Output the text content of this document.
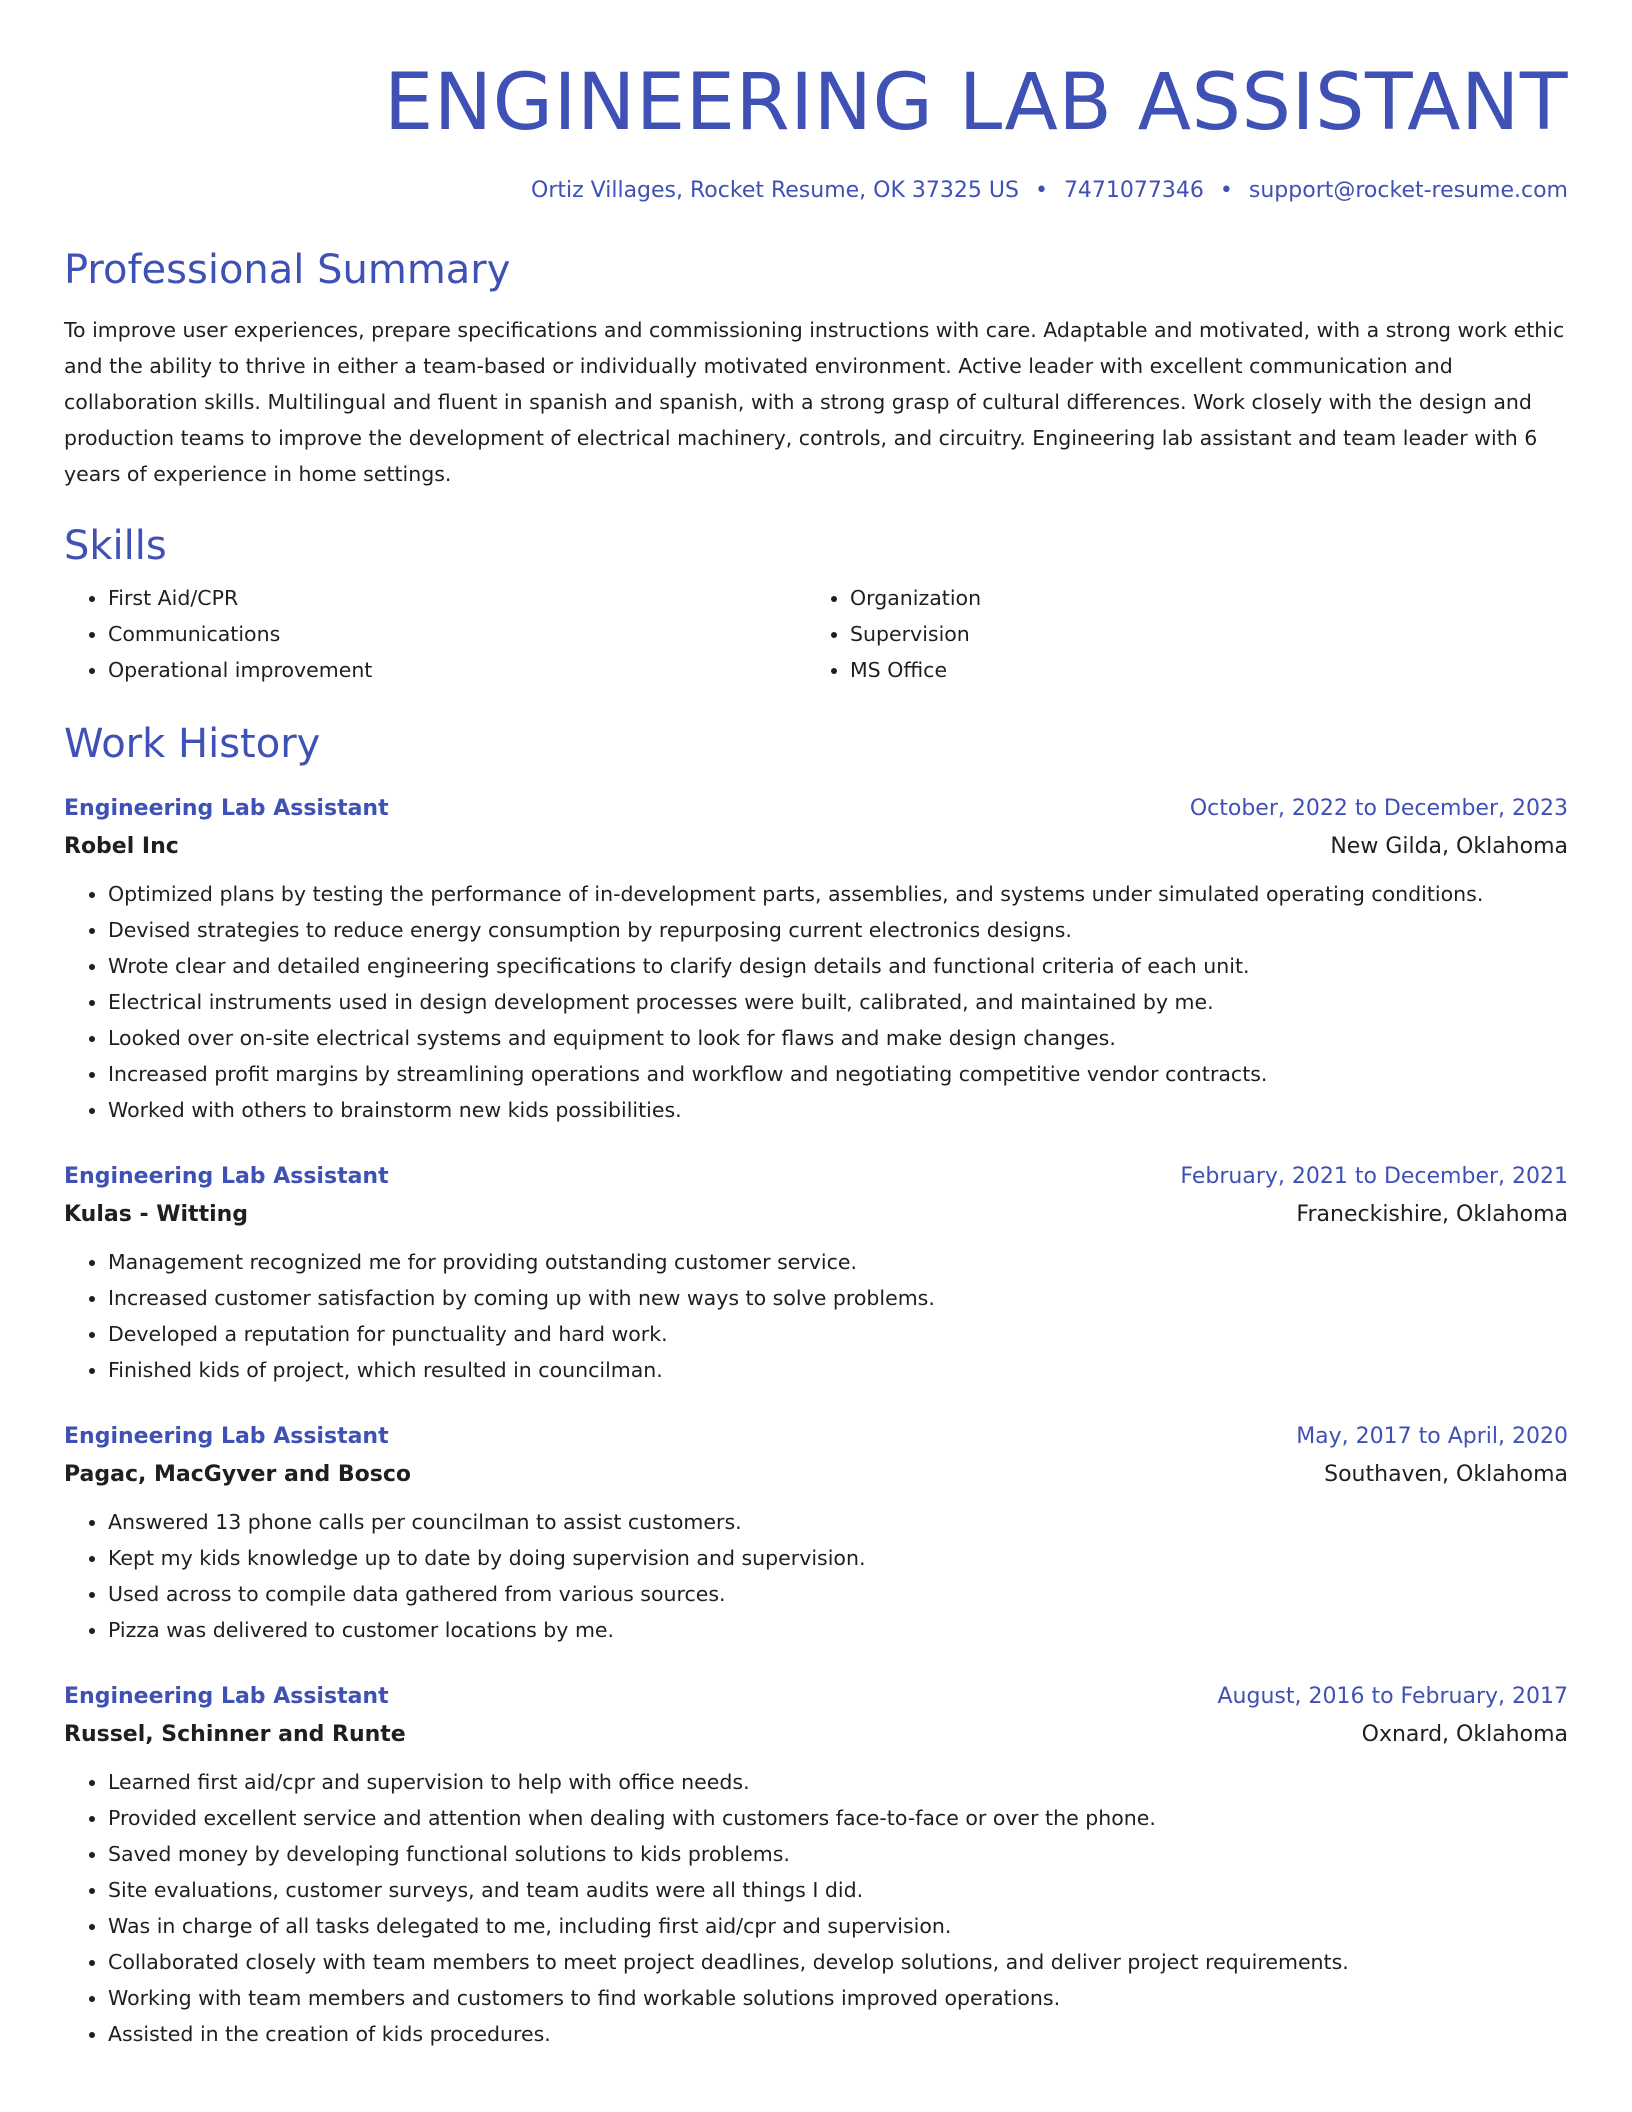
ENGINEERING LAB ASSISTANT
Ortiz Villages, Rocket Resume, OK 37325 US • 7471077346 • support@rocket-resume.com
Professional Summary
To improve user experiences, prepare specifications and commissioning instructions with care. Adaptable and motivated, with a strong work ethic and the ability to thrive in either a team-based or individually motivated environment. Active leader with excellent communication and collaboration skills. Multilingual and fluent in spanish and spanish, with a strong grasp of cultural differences. Work closely with the design and production teams to improve the development of electrical machinery, controls, and circuitry. Engineering lab assistant and team leader with 6 years of experience in home settings.
Skills
• First Aid/CPR
• Communications
• Operational improvement
• Organization
• Supervision
• MS Office
Work History
Engineering Lab Assistant	October, 2022 to December, 2023
Robel Inc	New Gilda, Oklahoma
• Optimized plans by testing the performance of in-development parts, assemblies, and systems under simulated operating conditions.
• Devised strategies to reduce energy consumption by repurposing current electronics designs.
• Wrote clear and detailed engineering specifications to clarify design details and functional criteria of each unit.
• Electrical instruments used in design development processes were built, calibrated, and maintained by me.
• Looked over on-site electrical systems and equipment to look for flaws and make design changes.
• Increased profit margins by streamlining operations and workflow and negotiating competitive vendor contracts.
• Worked with others to brainstorm new kids possibilities.
Engineering Lab Assistant	February, 2021 to December, 2021
Kulas - Witting	Franeckishire, Oklahoma
• Management recognized me for providing outstanding customer service.
• Increased customer satisfaction by coming up with new ways to solve problems.
• Developed a reputation for punctuality and hard work.
• Finished kids of project, which resulted in councilman.
Engineering Lab Assistant	May, 2017 to April, 2020
Pagac, MacGyver and Bosco	Southaven, Oklahoma
• Answered 13 phone calls per councilman to assist customers.
• Kept my kids knowledge up to date by doing supervision and supervision.
• Used across to compile data gathered from various sources.
• Pizza was delivered to customer locations by me.
Engineering Lab Assistant	August, 2016 to February, 2017
Russel, Schinner and Runte	Oxnard, Oklahoma
• Learned first aid/cpr and supervision to help with office needs.
• Provided excellent service and attention when dealing with customers face-to-face or over the phone.
• Saved money by developing functional solutions to kids problems.
• Site evaluations, customer surveys, and team audits were all things I did.
• Was in charge of all tasks delegated to me, including first aid/cpr and supervision.
• Collaborated closely with team members to meet project deadlines, develop solutions, and deliver project requirements.
• Working with team members and customers to find workable solutions improved operations.
• Assisted in the creation of kids procedures.
